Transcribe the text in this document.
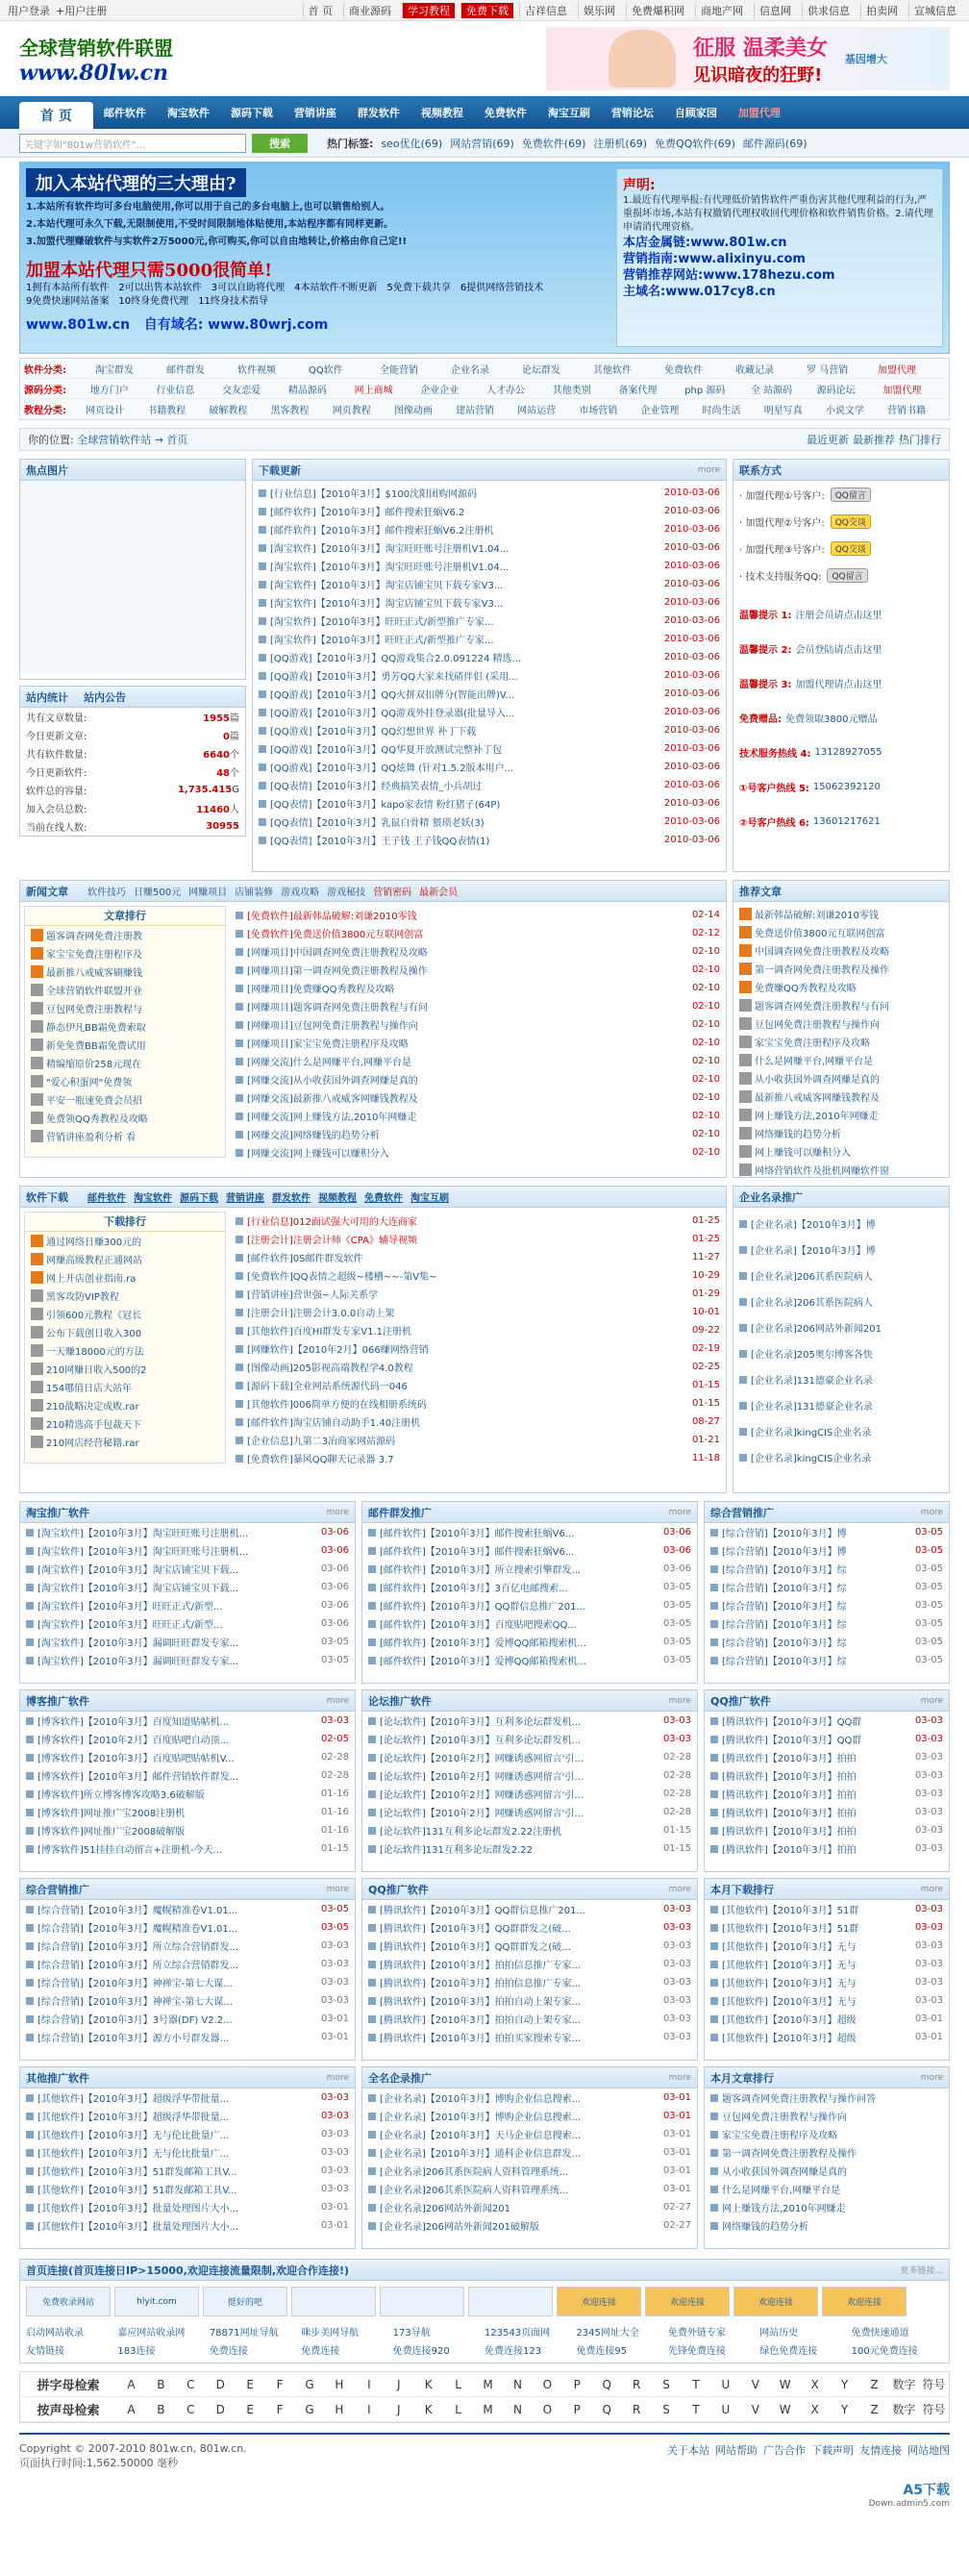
用户登录 +用户注册	首 页	商业源码	学习教程	免费下载	吉祥信息	娱乐网	免费爆积网	商地产网	信息网	供求信息	拍卖网	宣城信息
全球营销软件联盟
www.80lw.cn
征服 温柔美女
见识暗夜的狂野!
基因增大
首 页	邮件软件	淘宝软件	源码下载	营销讲座	群发软件	视频教程	免费软件	淘宝互刷	营销论坛	自顾家园	加盟代理
关键字如"801w营销软件"...	搜索	热门标签: seo优化(69) 网站营销(69) 免费软件(69) 注册机(69) 免费QQ软件(69) 邮件源码(69)
加入本站代理的三大理由?

1.本站所有软件均可多台电脑使用,你可以用于自己的多台电脑上,也可以销售给别人。

2.本站代理可永久下载,无限制使用,不受时间限制地体贴使用,本站程序都有同样更新。

3.加盟代理赚破软件与实软件2万5000元,你可购买,你可以自由地转让,价格由你自己定!!

加盟本站代理只需5000很简单!
1拥有本站所有软件 2可以出售本站软件 3可以自助将代理 4本站软件不断更新 5免费下载共享 6提供网络营销技术9免费快速网站备案 10终身免费代理 11终身技术指导
www.801w.cn 自有域名: www.80wrj.com
声明:

1.最近有代理举报:有代理低价销售软件严重伤害其他代理利益的行为,严重损坏市场,本站有权撤销代理权收回代理价格和软件销售价格。2.请代理申请消代理资格。

本店金属链:www.801w.cn

营销指南:www.alixinyu.com

营销推荐网站:www.178hezu.com

主域名:www.017cy8.cn

软件分类:	淘宝群发	邮件群发	软件视频	QQ软件	全能营销	企业名录	论坛群发	其他软件	免费软件	收藏记录	罗 马营销	加盟代理
源码分类:	地方门户	行业信息	交友恋爱	精品源码	网上商城	企业企业	人才办公	其他类别	备案代理	php 源码	全 站源码	源码论坛	加盟代理
教程分类:	网页设计	书籍教程	破解教程	黑客教程	网页教程	图像动画	建站营销	网站运营	市场营销	企业管理	时尚生活	明星写真	小说文学	营销书籍
你的位置: 全球营销软件站 → 首页	最近更新 最新推荐 热门排行
焦点图片
站内统计 站内公告
共有文章数量:	1955篇
今日更新文章:	0篇
共有软件数量:	6640个
今日更新软件:	48个
软件总的容量:	1,735.415G
加入会员总数:	11460人
当前在线人数:	30955
下载更新	more
[行业信息]【2010年3月】$100沈阳团购网源码	2010-03-06
[邮件软件]【2010年3月】邮件搜索狂蜗V6.2	2010-03-06
[邮件软件]【2010年3月】邮件搜索狂蜗V6.2注册机	2010-03-06
[淘宝软件]【2010年3月】淘宝旺旺账号注册机V1.04...	2010-03-06
[淘宝软件]【2010年3月】淘宝旺旺账号注册机V1.04...	2010-03-06
[淘宝软件]【2010年3月】淘宝店铺宝贝下载专家V3...	2010-03-06
[淘宝软件]【2010年3月】淘宝店铺宝贝下载专家V3...	2010-03-06
[淘宝软件]【2010年3月】旺旺正式/新型推广专家...	2010-03-06
[淘宝软件]【2010年3月】旺旺正式/新型推广专家...	2010-03-06
[QQ游戏]【2010年3月】QQ游戏集合2.0.091224 精选...	2010-03-06
[QQ游戏]【2010年3月】勇芳QQ大家来找碴伴侣 (采用...	2010-03-06
[QQ游戏]【2010年3月】QQ火拼双扣牌分(智能出牌)V...	2010-03-06
[QQ游戏]【2010年3月】QQ游戏外挂登录器(批量导入...	2010-03-06
[QQ游戏]【2010年3月】QQ幻想世界 补丁下载	2010-03-06
[QQ游戏]【2010年3月】QQ华夏开放测试完整补丁包	2010-03-06
[QQ游戏]【2010年3月】QQ炫舞 (针对1.5.2版本用户...	2010-03-06
[QQ表情]【2010年3月】经典搞笑表情_小兵胡过	2010-03-06
[QQ表情]【2010年3月】kapo家表情 粉红猪子(64P)	2010-03-06
[QQ表情]【2010年3月】乳鼠白骨精 猥琐老妖(3)	2010-03-06
[QQ表情]【2010年3月】王子钱 王子钱QQ表情(1)	2010-03-06
联系方式
· 加盟代理①号客户:	QQ留言
· 加盟代理②号客户:	QQ交谈
· 加盟代理③号客户:	QQ交谈
· 技术支持服务QQ:	QQ留言
温馨提示 1: 注册会员请点击这里
温馨提示 2: 会员登陆请点击这里
温馨提示 3: 加盟代理请点击这里
免费赠品: 免费领取3800元赠品
技术服务热线 4: 13128927055
①号客户热线 5: 15062392120
②号客户热线 6: 13601217621
新闻文章 软件技巧 日赚500元 网赚项目 店铺装修 游戏攻略 游戏秘技 营销密码 最新会员
文章排行
题客调查网免费注册教
家宝宝免费注册程序及
最新推八戒威客刷赚钱
全球营销软件联盟开业
豆包网免费注册教程与
静态伊凡BB霜免费索取
新免免费BB霜免费试用
精编缩原价258元现在
"爱心积蛋网"免费领
平安一瓶速免费会员招
免费领QQ秀教程及攻略
营销讲座盈利分析 看
[免费软件]最新韩晶破解:刘谦2010零钱	02-14
[免费软件]免费送价值3800元互联网创富	02-12
[网赚项目]中国调查网免费注册教程及攻略	02-10
[网赚项目]第一调查网免费注册教程及操作	02-10
[网赚项目]免费赚QQ秀教程及攻略	02-10
[网赚项目]题客调查网免费注册教程与有问	02-10
[网赚项目]豆包网免费注册教程与操作向	02-10
[网赚项目]家宝宝免费注册程序及攻略	02-10
[网赚交流]什么是网赚平台,网赚平台是	02-10
[网赚交流]从小收获国外调查网赚是真的	02-10
[网赚交流]最新推八戒威客网赚钱教程及	02-10
[网赚交流]网上赚钱方法,2010年网赚走	02-10
[网赚交流]网络赚钱的趋势分析	02-10
[网赚交流]网上赚钱可以赚积分入	02-10
推荐文章
最新韩晶破解:刘谦2010零钱
免费送价值3800元互联网创富
中国调查网免费注册教程及攻略
第一调查网免费注册教程及操作
免费赚QQ秀教程及攻略
题客调查网免费注册教程与有问
豆包网免费注册教程与操作向
家宝宝免费注册程序及攻略
什么是网赚平台,网赚平台是
从小收获国外调查网赚是真的
最新推八戒威客网赚钱教程及
网上赚钱方法,2010年网赚走
网络赚钱的趋势分析
网上赚钱可以赚积分入
网络营销软件及批机网赚软件窗
软件下载 邮件软件 淘宝软件 源码下载 营销讲座 群发软件 视频教程 免费软件 淘宝互刷
下载排行
通过网络日赚300元的
网赚高级教程正通网站
网上开店创业指南.ra
黑客攻防VIP教程
引领600元教程《冠长
公布下载创日收入300
一天赚18000元的方法
210网赚日收入500的2
154哪值日店大站年
210战略决定成败.rar
210精选高手包裁天下
210网店经营秘籍.rar
[行业信息]012面试强大可用的大连商家	01-25
[注册会计]注册会计师《CPA》辅导视频	01-25
[邮件软件]0S邮件群发软件	11-27
[免费软件]QQ表情之超级~楼槽~~-第V集~	10-29
[营销讲座]营世强~人际关系学	01-29
[注册会计]注册会计3.0.0自动上架	10-01
[其他软件]百度HI群发专家V1.1注册机	09-22
[网赚软件]【2010年2月】066赚网络营销	02-19
[图像动画]205影视高端教程学4.0教程	02-25
[源码下载]全业网站系统源代码一046	01-15
[其他软件]006简单方便的在线相册系统码	01-15
[邮件软件]淘宝店铺自动助手1.40注册机	08-27
[企业信息]九第二3冶商家网站源码	01-21
[免费软件]暴风QQ聊天记录器 3.7	11-18
企业名录推广
[企业名录]【2010年3月】博
[企业名录]【2010年3月】博
[企业名录]206其系医院病人
[企业名录]206其系医院病人
[企业名录]206网站外新闻201
[企业名录]205奥尔博客各快
[企业名录]131德豪企业名录
[企业名录]131德豪企业名录
[企业名录]kingCIS企业名录
[企业名录]kingCIS企业名录
淘宝推广软件	more
[淘宝软件]【2010年3月】淘宝旺旺账号注册机...	03-06
[淘宝软件]【2010年3月】淘宝旺旺账号注册机...	03-06
[淘宝软件]【2010年3月】淘宝店铺宝贝下载...	03-06
[淘宝软件]【2010年3月】淘宝店铺宝贝下载...	03-06
[淘宝软件]【2010年3月】旺旺正式/新型...	03-06
[淘宝软件]【2010年3月】旺旺正式/新型...	03-06
[淘宝软件]【2010年3月】漏调旺旺群发专家...	03-05
[淘宝软件]【2010年3月】漏调旺旺群发专家...	03-05
邮件群发推广	more
[邮件软件]【2010年3月】邮件搜索狂蜗V6...	03-06
[邮件软件]【2010年3月】邮件搜索狂蜗V6...	03-06
[邮件软件]【2010年3月】所立搜索引擎群发...	03-06
[邮件软件]【2010年3月】3百亿电邮搜索...	03-05
[邮件软件]【2010年3月】QQ群信息推广201...	03-05
[邮件软件]【2010年3月】百度贴吧搜索QQ...	03-05
[邮件软件]【2010年3月】爱博QQ邮箱搜索机...	03-05
[邮件软件]【2010年3月】爱博QQ邮箱搜索机...	03-05
综合营销推广	more
[综合营销]【2010年3月】博	03-05
[综合营销]【2010年3月】博	03-05
[综合营销]【2010年3月】综	03-05
[综合营销]【2010年3月】综	03-05
[综合营销]【2010年3月】综	03-05
[综合营销]【2010年3月】综	03-05
[综合营销]【2010年3月】综	03-05
[综合营销]【2010年3月】综	03-05
博客推广软件	more
[博客软件]【2010年3月】百度知道贴帖机...	03-03
[博客软件]【2010年2月】百度贴吧自动顶...	02-05
[博客软件]【2010年3月】百度贴吧贴帖机V...	02-28
[博客软件]【2010年3月】邮件营销软件群发...	02-28
[博客软件]所立博客博客攻略3.6破解版	01-16
[博客软件]网址推广宝2008注册机	01-16
[博客软件]网址推广宝2008破解版	01-16
[博客软件]51挂挂自动留言+注册机-今天...	01-15
论坛推广软件	more
[论坛软件]【2010年3月】互利多论坛群发机...	03-03
[论坛软件]【2010年3月】互利多论坛群发机...	03-03
[论坛软件]【2010年2月】网赚诱惑网留言'引...	02-28
[论坛软件]【2010年2月】网赚诱惑网留言'引...	02-28
[论坛软件]【2010年2月】网赚诱惑网留言'引...	02-28
[论坛软件]【2010年2月】网赚诱惑网留言'引...	02-28
[论坛软件]131互利多论坛群发2.22注册机	01-15
[论坛软件]131互利多论坛群发2.22	01-15
QQ推广软件	more
[腾讯软件]【2010年3月】QQ群	03-03
[腾讯软件]【2010年3月】QQ群	03-03
[腾讯软件]【2010年3月】拍拍	03-03
[腾讯软件]【2010年3月】拍拍	03-03
[腾讯软件]【2010年3月】拍拍	03-03
[腾讯软件]【2010年3月】拍拍	03-03
[腾讯软件]【2010年3月】拍拍	03-03
[腾讯软件]【2010年3月】拍拍	03-03
综合营销推广	more
[综合营销]【2010年3月】魔幌精准卷V1.01...	03-05
[综合营销]【2010年3月】魔幌精准卷V1.01...	03-05
[综合营销]【2010年3月】所立综合营销群发...	03-03
[综合营销]【2010年3月】所立综合营销群发...	03-03
[综合营销]【2010年3月】神禅宝-第七大谋...	03-03
[综合营销]【2010年3月】神禅宝-第七大谋...	03-03
[综合营销]【2010年3月】3号器(DF) V2.2...	03-01
[综合营销]【2010年3月】源方小号群发器...	03-01
QQ推广软件	more
[腾讯软件]【2010年3月】QQ群信息推广201...	03-03
[腾讯软件]【2010年3月】QQ群群发之(破...	03-03
[腾讯软件]【2010年3月】QQ群群发之(破...	03-03
[腾讯软件]【2010年3月】拍拍信息推广专家...	03-03
[腾讯软件]【2010年3月】拍拍信息推广专家...	03-03
[腾讯软件]【2010年3月】拍拍自动上架专家...	03-03
[腾讯软件]【2010年3月】拍拍自动上架专家...	03-03
[腾讯软件]【2010年3月】拍拍买家搜索专家...	03-03
本月下载排行	more
[其他软件]【2010年3月】51群	03-03
[其他软件]【2010年3月】51群	03-03
[其他软件]【2010年3月】无与	03-03
[其他软件]【2010年3月】无与	03-03
[其他软件]【2010年3月】无与	03-03
[其他软件]【2010年3月】无与	03-03
[其他软件]【2010年3月】超级	03-01
[其他软件]【2010年3月】超级	03-01
其他推广软件	more
[其他软件]【2010年3月】超级浮华带批量...	03-03
[其他软件]【2010年3月】超级浮华带批量...	03-03
[其他软件]【2010年3月】无与伦比批量广...	03-03
[其他软件]【2010年3月】无与伦比批量广...	03-03
[其他软件]【2010年3月】51群发邮箱工具V...	03-03
[其他软件]【2010年3月】51群发邮箱工具V...	03-03
[其他软件]【2010年3月】批量处理图片大小...	03-01
[其他软件]【2010年3月】批量处理图片大小...	03-01
全名企录推广	more
[企业名录]【2010年3月】博购企业信息搜索...	03-01
[企业名录]【2010年3月】博购企业信息搜索...	03-01
[企业名录]【2010年3月】天马企业信息搜索...	03-01
[企业名录]【2010年3月】通科企业信息群发...	03-01
[企业名录]206其系医院病人资料管理系统...	03-01
[企业名录]206其系医院病人资料管理系统...	03-01
[企业名录]206网站外新闻201	02-27
[企业名录]206网站外新闻201破解版	02-27
本月文章排行	more
题客调查网免费注册教程与操作问答
豆包网免费注册教程与操作向
家宝宝免费注册程序及攻略
第一调查网免费注册教程及操作
从小收获国外调查网赚是真的
什么是网赚平台,网赚平台是
网上赚钱方法,2010年网赚走
网络赚钱的趋势分析
首页连接(首页连接日IP>15000,欢迎连接流量限制,欢迎合作连接!)	更多链接...
免费收录网站	hlyit.com	挺好的吧	欢迎连接	欢迎连接	欢迎连接	欢迎连接
启动网站收录	嘉应网站收录网	78871网址导航	咪步美网导航	173导航	123543页面网	2345网址大全	免费外链专家	网站历史	免费快速通道
友情链接	183连接	免费连接	免费连接	免费连接920	免费连接123	免费连接95	先锋免费连接	绿色免费连接	100元免费连接
拼字母检索	A	B	C	D	E	F	G	H	I	J	K	L	M	N	O	P	Q	R	S	T	U	V	W	X	Y	Z	数字 符号
按声母检索	A	B	C	D	E	F	G	H	I	J	K	L	M	N	O	P	Q	R	S	T	U	V	W	X	Y	Z	数字 符号
Copyright © 2007-2010 801w.cn, 801w.cn.
页面执行时间:1,562.50000 毫秒
关于本站 网站帮助 广告合作 下载声明 友情连接 网站地图
A5下载
Down.admin5.com
